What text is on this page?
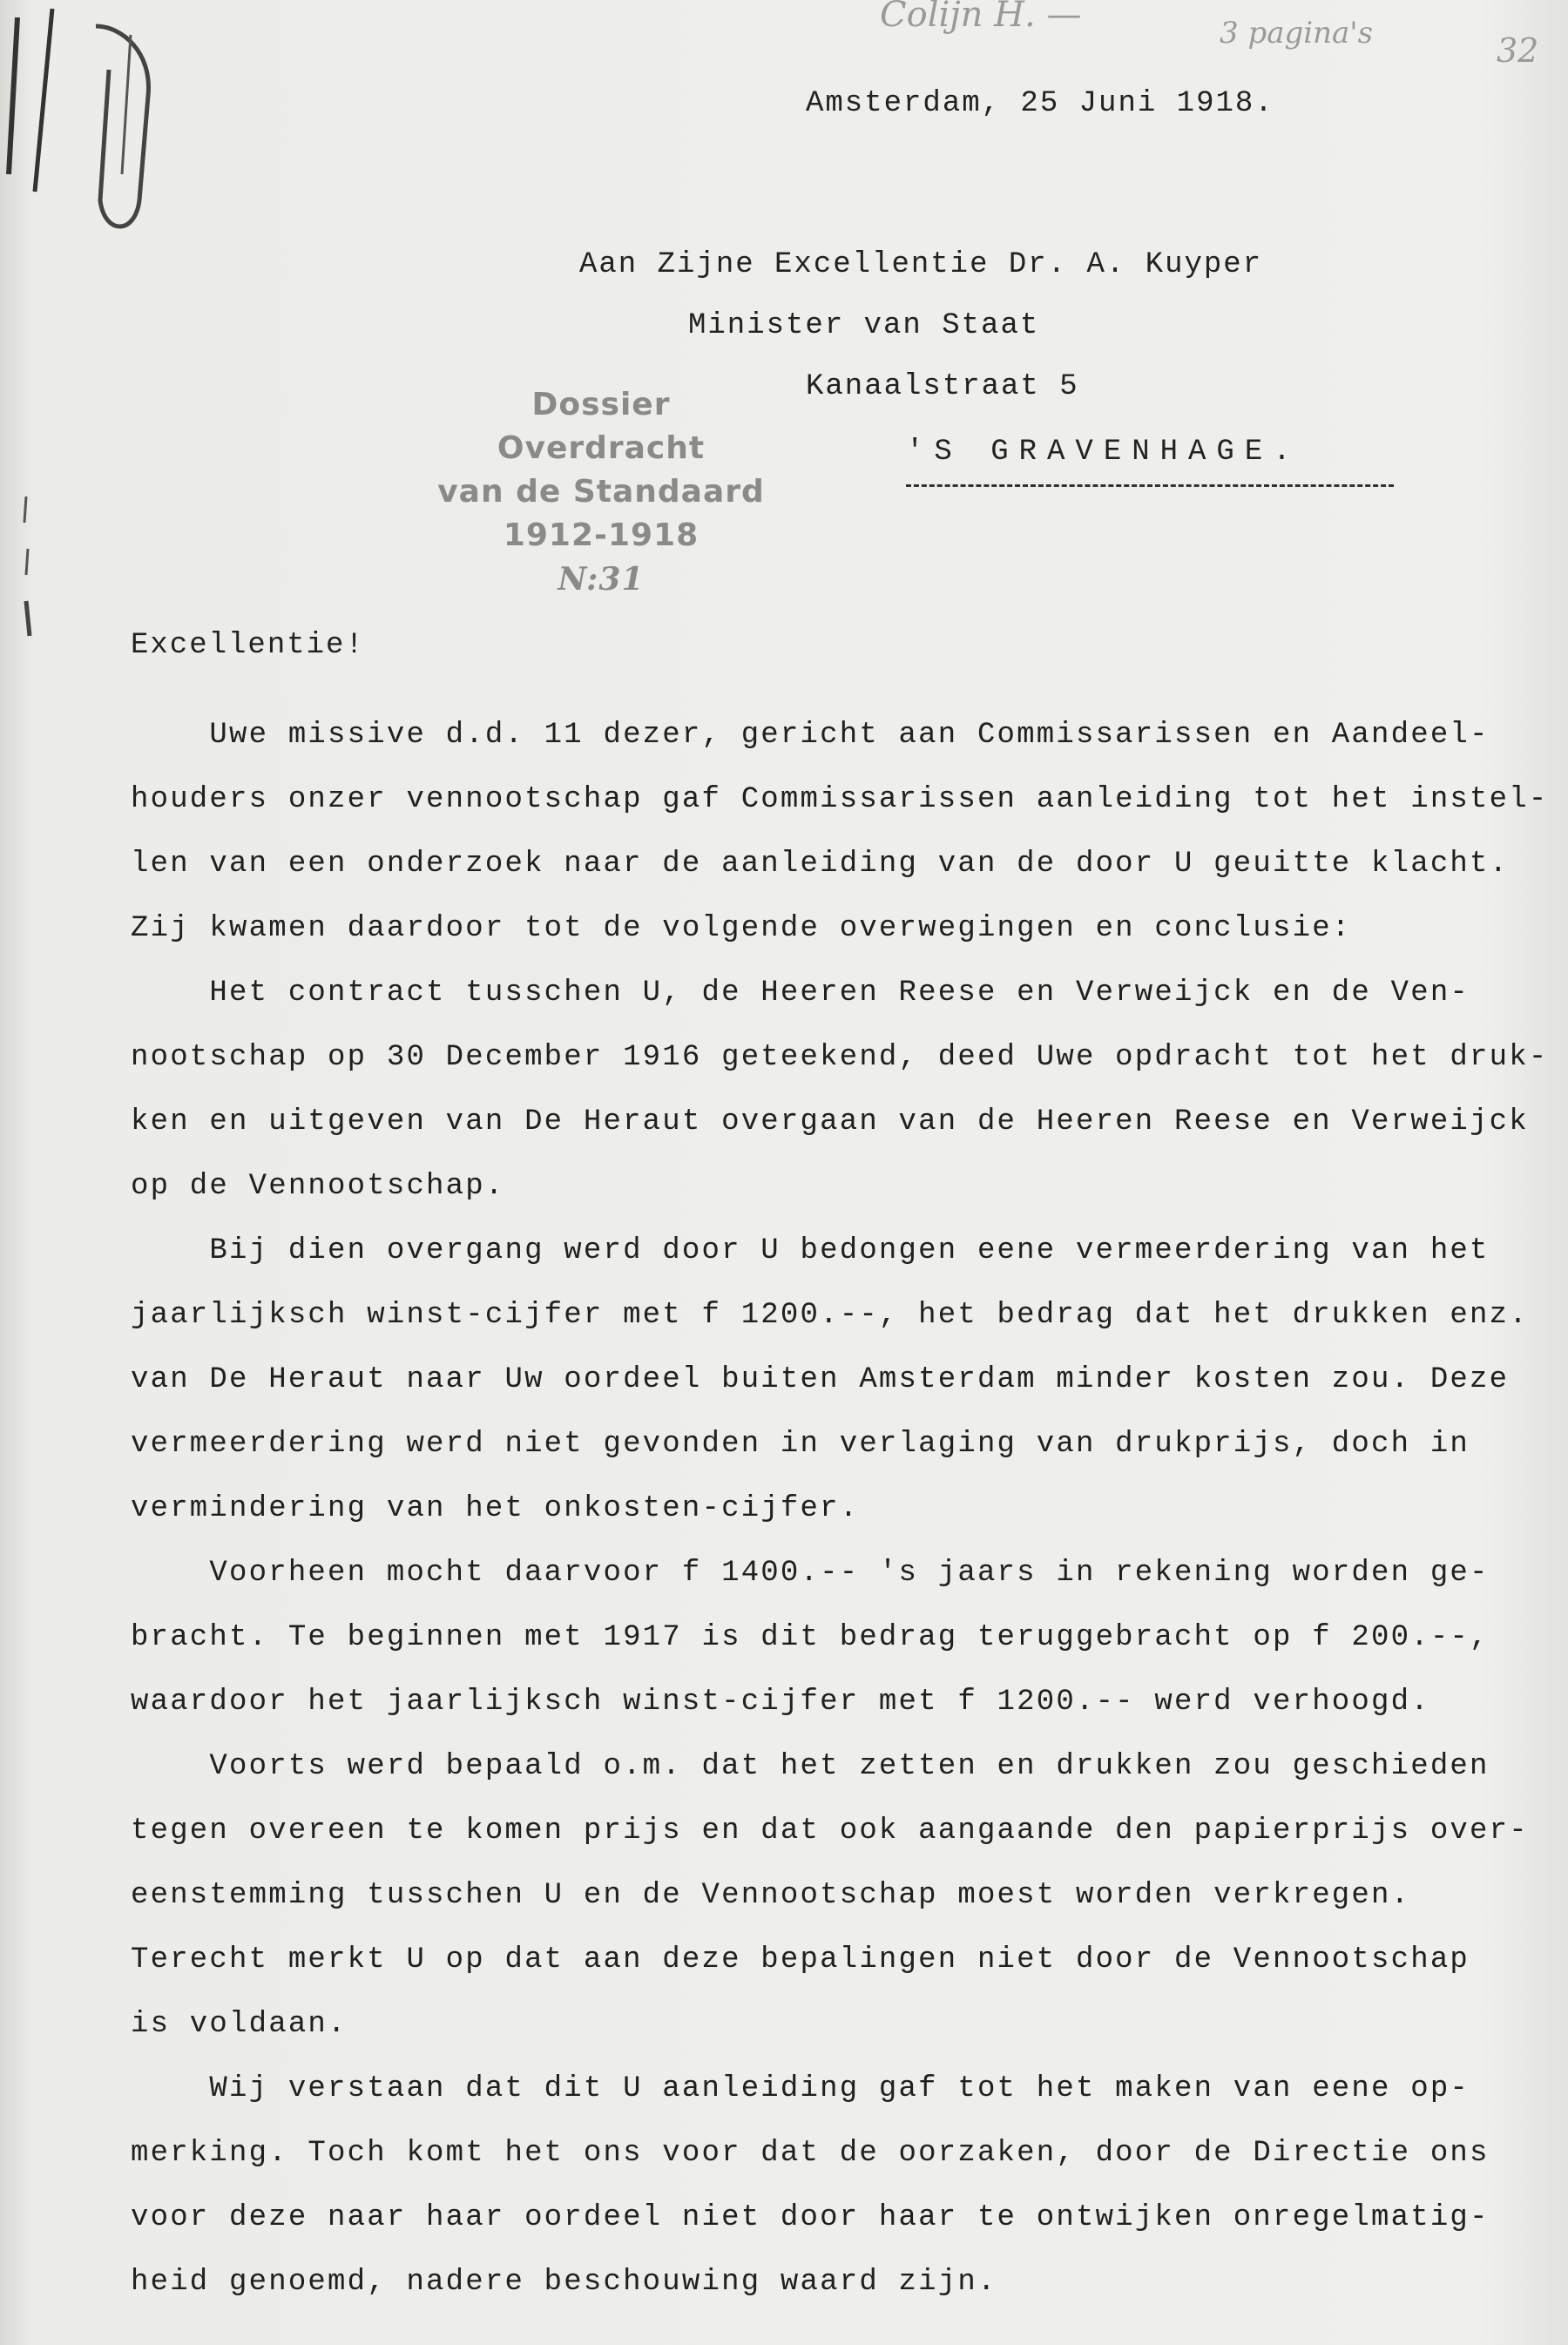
Colijn H. —	3 pagina's	32
Amsterdam, 25 Juni 1918.
Aan Zijne Excellentie Dr. A. Kuyper
Minister van Staat
Kanaalstraat 5
'S GRAVENHAGE.
Dossier
Overdracht
van de Standaard
1912-1918
N:31
Excellentie!
Uwe missive d.d. 11 dezer, gericht aan Commissarissen en Aandeel-
houders onzer vennootschap gaf Commissarissen aanleiding tot het instel-
len van een onderzoek naar de aanleiding van de door U geuitte klacht.
Zij kwamen daardoor tot de volgende overwegingen en conclusie:
Het contract tusschen U, de Heeren Reese en Verweijck en de Ven-
nootschap op 30 December 1916 geteekend, deed Uwe opdracht tot het druk-
ken en uitgeven van De Heraut overgaan van de Heeren Reese en Verweijck
op de Vennootschap.
Bij dien overgang werd door U bedongen eene vermeerdering van het
jaarlijksch winst-cijfer met f 1200.--, het bedrag dat het drukken enz.
van De Heraut naar Uw oordeel buiten Amsterdam minder kosten zou. Deze
vermeerdering werd niet gevonden in verlaging van drukprijs, doch in
vermindering van het onkosten-cijfer.
Voorheen mocht daarvoor f 1400.-- 's jaars in rekening worden ge-
bracht. Te beginnen met 1917 is dit bedrag teruggebracht op f 200.--,
waardoor het jaarlijksch winst-cijfer met f 1200.-- werd verhoogd.
Voorts werd bepaald o.m. dat het zetten en drukken zou geschieden
tegen overeen te komen prijs en dat ook aangaande den papierprijs over-
eenstemming tusschen U en de Vennootschap moest worden verkregen.
Terecht merkt U op dat aan deze bepalingen niet door de Vennootschap
is voldaan.
Wij verstaan dat dit U aanleiding gaf tot het maken van eene op-
merking. Toch komt het ons voor dat de oorzaken, door de Directie ons
voor deze naar haar oordeel niet door haar te ontwijken onregelmatig-
heid genoemd, nadere beschouwing waard zijn.
